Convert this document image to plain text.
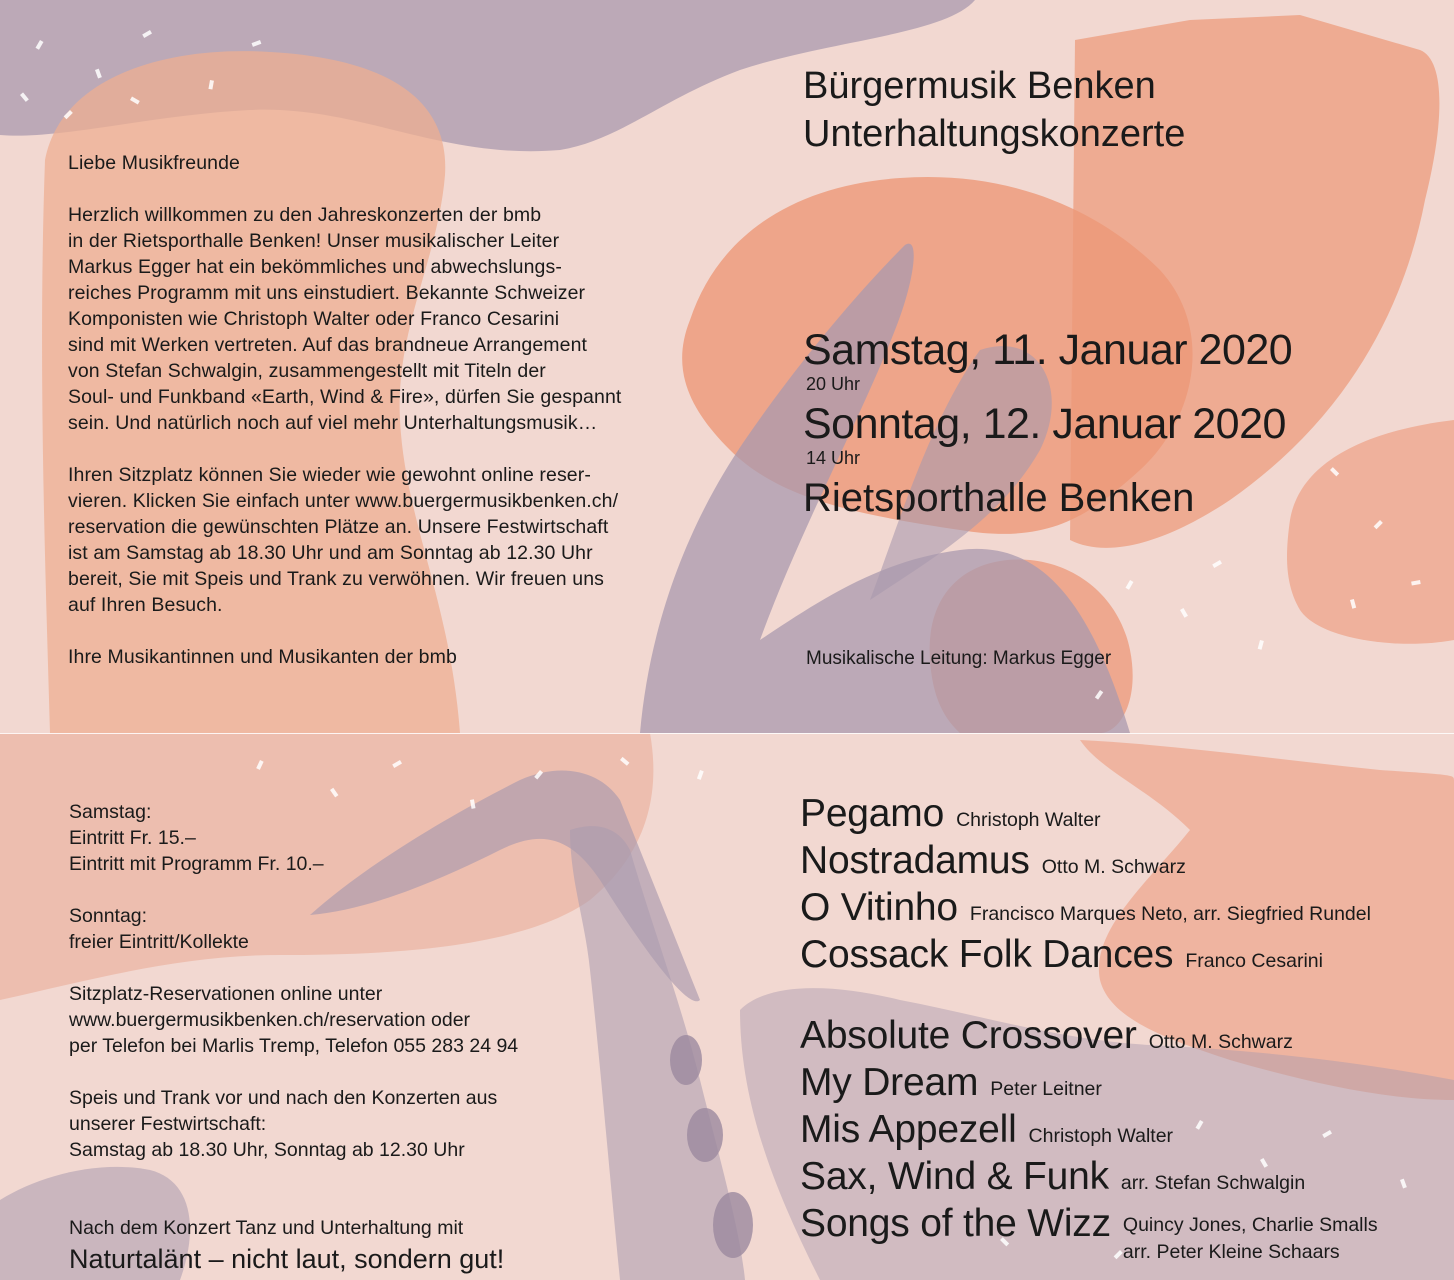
Liebe Musikfreunde

Herzlich willkommen zu den Jahreskonzerten der bmb
in der Rietsporthalle Benken! Unser musikalischer Leiter
Markus Egger hat ein bekömmliches und abwechslungs-
reiches Programm mit uns einstudiert. Bekannte Schweizer
Komponisten wie Christoph Walter oder Franco Cesarini
sind mit Werken vertreten. Auf das brandneue Arrangement
von Stefan Schwalgin, zusammengestellt mit Titeln der
Soul- und Funkband «Earth, Wind & Fire», dürfen Sie gespannt
sein. Und natürlich noch auf viel mehr Unterhaltungsmusik…

Ihren Sitzplatz können Sie wieder wie gewohnt online reser-
vieren. Klicken Sie einfach unter www.buergermusikbenken.ch/
reservation die gewünschten Plätze an. Unsere Festwirtschaft
ist am Samstag ab 18.30 Uhr und am Sonntag ab 12.30 Uhr
bereit, Sie mit Speis und Trank zu verwöhnen. Wir freuen uns
auf Ihren Besuch.

Ihre Musikantinnen und Musikanten der bmb

Bürgermusik Benken
Unterhaltungskonzerte
Samstag, 11. Januar 2020
20 Uhr
Sonntag, 12. Januar 2020
14 Uhr
Rietsporthalle Benken
Musikalische Leitung: Markus Egger

Samstag:
Eintritt Fr. 15.–
Eintritt mit Programm Fr. 10.–

Sonntag:
freier Eintritt/Kollekte

Sitzplatz-Reservationen online unter
www.buergermusikbenken.ch/reservation oder
per Telefon bei Marlis Tremp, Telefon 055 283 24 94

Speis und Trank vor und nach den Konzerten aus
unserer Festwirtschaft:
Samstag ab 18.30 Uhr, Sonntag ab 12.30 Uhr

Nach dem Konzert Tanz und Unterhaltung mit

Naturtalänt – nicht laut, sondern gut!

Pegamo Christoph Walter
Nostradamus Otto M. Schwarz
O Vitinho Francisco Marques Neto, arr. Siegfried Rundel
Cossack Folk Dances Franco Cesarini
Absolute Crossover Otto M. Schwarz
My Dream Peter Leitner
Mis Appezell Christoph Walter
Sax, Wind & Funk arr. Stefan Schwalgin
Songs of the Wizz Quincy Jones, Charlie Smalls
arr. Peter Kleine Schaars
